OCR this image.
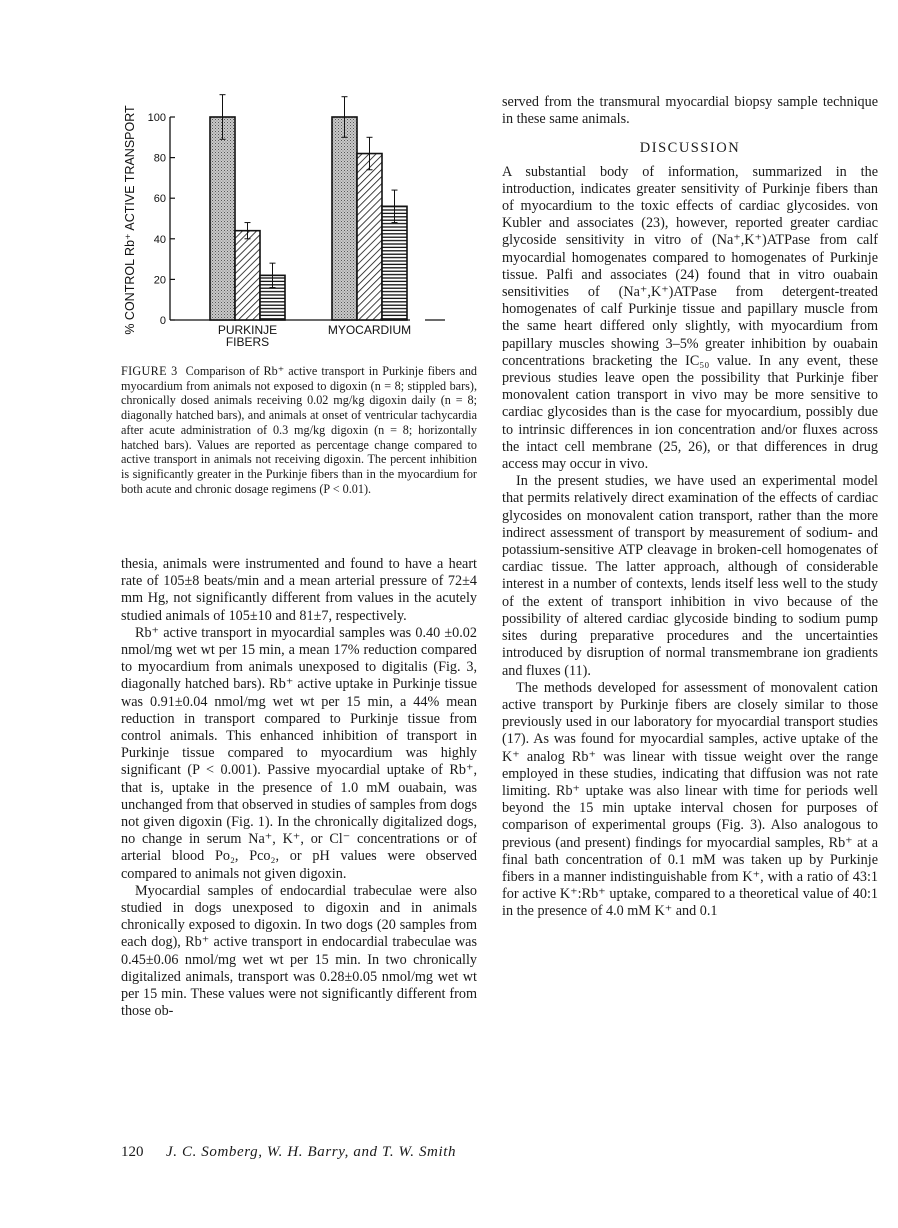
0
20
40
60
80
100
PURKINJE
FIBERS
MYOCARDIUM
% CONTROL Rb⁺ ACTIVE TRANSPORT
FIGURE 3 Comparison of Rb⁺ active transport in Purkinje fibers and myocardium from animals not exposed to digoxin (n = 8; stippled bars), chronically dosed animals receiving 0.02 mg/kg digoxin daily (n = 8; diagonally hatched bars), and animals at onset of ventricular tachycardia after acute administration of 0.3 mg/kg digoxin (n = 8; horizontally hatched bars). Values are reported as percentage change compared to active transport in animals not receiving digoxin. The percent inhibition is significantly greater in the Purkinje fibers than in the myocardium for both acute and chronic dosage regimens (P < 0.01).

thesia, animals were instrumented and found to have a heart rate of 105±8 beats/min and a mean arterial pressure of 72±4 mm Hg, not significantly different from values in the acutely studied animals of 105±10 and 81±7, respectively.

Rb⁺ active transport in myocardial samples was 0.40 ±0.02 nmol/mg wet wt per 15 min, a mean 17% reduction compared to myocardium from animals unexposed to digitalis (Fig. 3, diagonally hatched bars). Rb⁺ active uptake in Purkinje tissue was 0.91±0.04 nmol/mg wet wt per 15 min, a 44% mean reduction in transport compared to Purkinje tissue from control animals. This enhanced inhibition of transport in Purkinje tissue compared to myocardium was highly significant (P < 0.001). Passive myocardial uptake of Rb⁺, that is, uptake in the presence of 1.0 mM ouabain, was unchanged from that observed in studies of samples from dogs not given digoxin (Fig. 1). In the chronically digitalized dogs, no change in serum Na⁺, K⁺, or Cl⁻ concentrations or of arterial blood Po₂, Pco₂, or pH values were observed compared to animals not given digoxin.

Myocardial samples of endocardial trabeculae were also studied in dogs unexposed to digoxin and in animals chronically exposed to digoxin. In two dogs (20 samples from each dog), Rb⁺ active transport in endocardial trabeculae was 0.45±0.06 nmol/mg wet wt per 15 min. In two chronically digitalized animals, transport was 0.28±0.05 nmol/mg wet wt per 15 min. These values were not significantly different from those ob-

served from the transmural myocardial biopsy sample technique in these same animals.

DISCUSSION

A substantial body of information, summarized in the introduction, indicates greater sensitivity of Purkinje fibers than of myocardium to the toxic effects of cardiac glycosides. von Kubler and associates (23), however, reported greater cardiac glycoside sensitivity in vitro of (Na⁺,K⁺)ATPase from calf myocardial homogenates compared to homogenates of Purkinje tissue. Palfi and associates (24) found that in vitro ouabain sensitivities of (Na⁺,K⁺)ATPase from detergent-treated homogenates of calf Purkinje tissue and papillary muscle from the same heart differed only slightly, with myocardium from papillary muscles showing 3–5% greater inhibition by ouabain concentrations bracketing the IC₅₀ value. In any event, these previous studies leave open the possibility that Purkinje fiber monovalent cation transport in vivo may be more sensitive to cardiac glycosides than is the case for myocardium, possibly due to intrinsic differences in ion concentration and/or fluxes across the intact cell membrane (25, 26), or that differences in drug access may occur in vivo.

In the present studies, we have used an experimental model that permits relatively direct examination of the effects of cardiac glycosides on monovalent cation transport, rather than the more indirect assessment of transport by measurement of sodium- and potassium-sensitive ATP cleavage in broken-cell homogenates of cardiac tissue. The latter approach, although of considerable interest in a number of contexts, lends itself less well to the study of the extent of transport inhibition in vivo because of the possibility of altered cardiac glycoside binding to sodium pump sites during preparative procedures and the uncertainties introduced by disruption of normal transmembrane ion gradients and fluxes (11).

The methods developed for assessment of monovalent cation active transport by Purkinje fibers are closely similar to those previously used in our laboratory for myocardial transport studies (17). As was found for myocardial samples, active uptake of the K⁺ analog Rb⁺ was linear with tissue weight over the range employed in these studies, indicating that diffusion was not rate limiting. Rb⁺ uptake was also linear with time for periods well beyond the 15 min uptake interval chosen for purposes of comparison of experimental groups (Fig. 3). Also analogous to previous (and present) findings for myocardial samples, Rb⁺ at a final bath concentration of 0.1 mM was taken up by Purkinje fibers in a manner indistinguishable from K⁺, with a ratio of 43:1 for active K⁺:Rb⁺ uptake, compared to a theoretical value of 40:1 in the presence of 4.0 mM K⁺ and 0.1

120 J. C. Somberg, W. H. Barry, and T. W. Smith
